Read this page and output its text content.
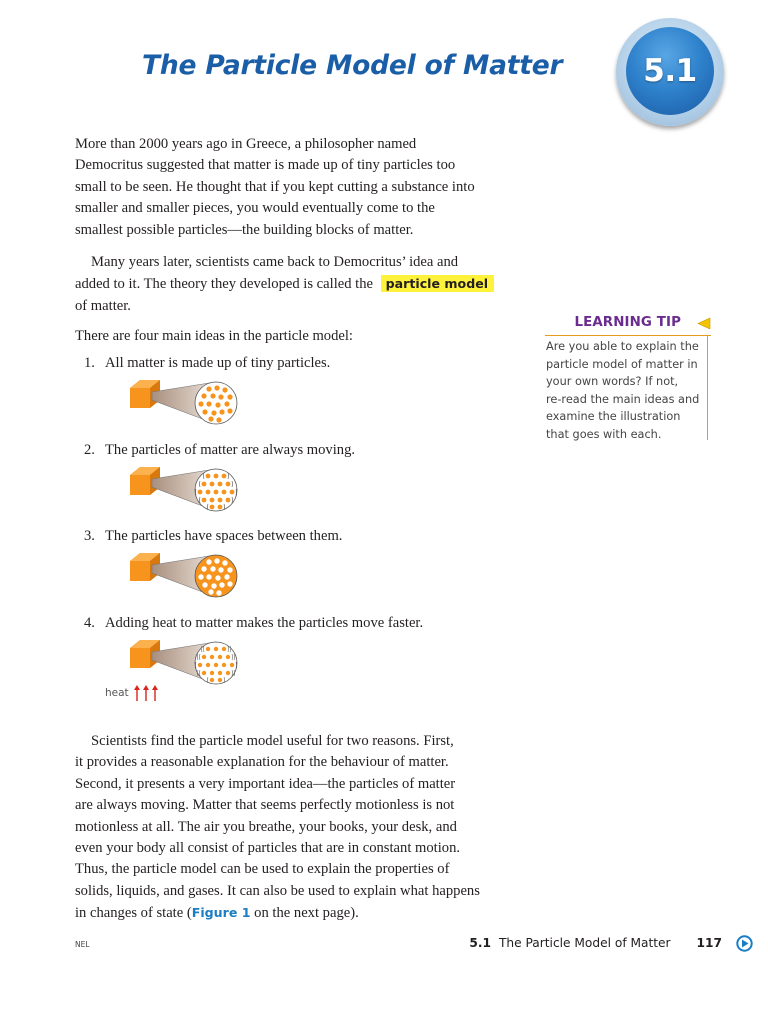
The Particle Model of Matter	5.1

More than 2000 years ago in Greece, a philosopher named
Democritus suggested that matter is made up of tiny particles too
small to be seen. He thought that if you kept cutting a substance into
smaller and smaller pieces, you would eventually come to the
smallest possible particles—the building blocks of matter.

Many years later, scientists came back to Democritus’ idea and
added to it. The theory they developed is called the particle model
of matter.

There are four main ideas in the particle model:

1. All matter is made up of tiny particles.

2. The particles of matter are always moving.

3. The particles have spaces between them.

4. Adding heat to matter makes the particles move faster.

heat

Scientists find the particle model useful for two reasons. First,
it provides a reasonable explanation for the behaviour of matter.
Second, it presents a very important idea—the particles of matter
are always moving. Matter that seems perfectly motionless is not
motionless at all. The air you breathe, your books, your desk, and
even your body all consist of particles that are in constant motion.
Thus, the particle model can be used to explain the properties of
solids, liquids, and gases. It can also be used to explain what happens
in changes of state (Figure 1 on the next page).

LEARNING TIP

Are you able to explain the
particle model of matter in
your own words? If not,
re-read the main ideas and
examine the illustration
that goes with each.

NEL	5.1 The Particle Model of Matter 117
